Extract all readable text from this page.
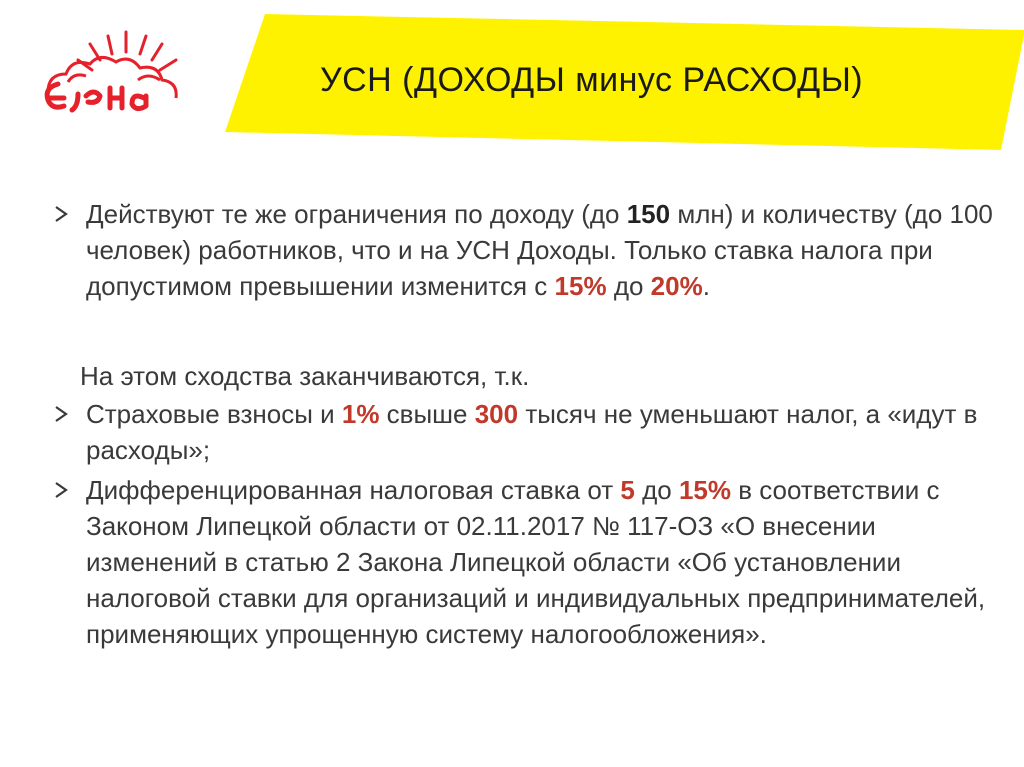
УСН (ДОХОДЫ минус РАСХОДЫ)
Действуют те же ограничения по доходу (до 150 млн) и количеству (до 100 человек) работников, что и на УСН Доходы. Только ставка налога при допустимом превышении изменится с 15% до 20%.
На этом сходства заканчиваются, т.к.
Страховые взносы и 1% свыше 300 тысяч не уменьшают налог, а «идут в расходы»;
Дифференцированная налоговая ставка от 5 до 15% в соответствии с Законом Липецкой области от 02.11.2017 № 117-ОЗ «О внесении изменений в статью 2 Закона Липецкой области «Об установлении налоговой ставки для организаций и индивидуальных предпринимателей, применяющих упрощенную систему налогообложения».
